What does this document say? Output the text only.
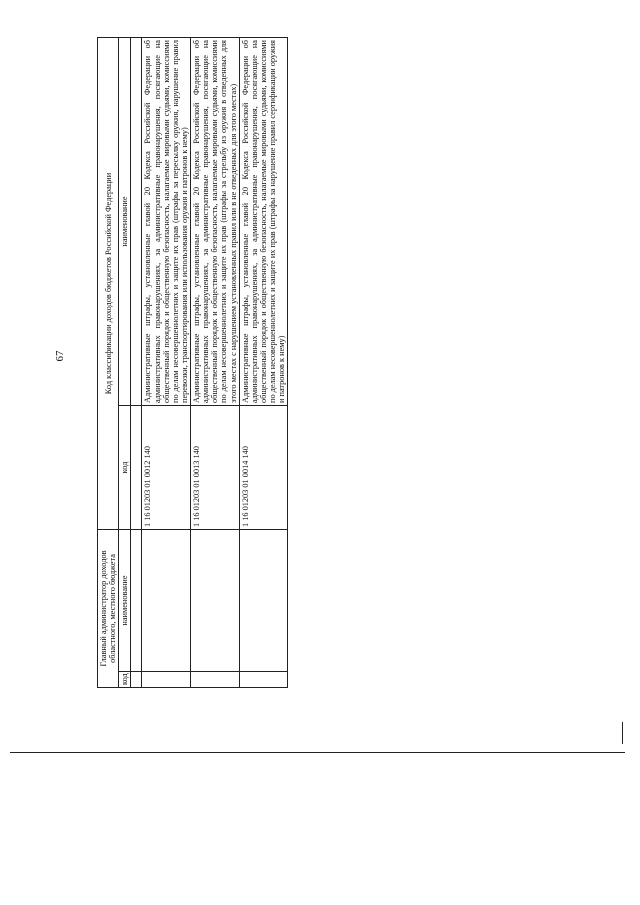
67
Главный администратор доходов областного, местного бюджета		Код классификации доходов бюджетов Российской Федерации	
код	наименование	код	наименование

		1 16 01203 01 0012 140	Административные штрафы, установленные главой 20 Кодекса Российской Федерации об административных правонарушениях, за административные правонарушения, посягающие на общественный порядок и общественную безопасность, налагаемые мировыми судьями, комиссиями по делам несовершеннолетних и защите их прав (штрафы за пересылку оружия, нарушение правил перевозки, транспортирования или использования оружия и патронов к нему)
		1 16 01203 01 0013 140	Административные штрафы, установленные главой 20 Кодекса Российской Федерации об административных правонарушениях, за административные правонарушения, посягающие на общественный порядок и общественную безопасность, налагаемые мировыми судьями, комиссиями по делам несовершеннолетних и защите их прав (штрафы за стрельбу из оружия в отведенных для этого местах с нарушением установленных правил или в не отведенных для этого местах)
		1 16 01203 01 0014 140	Административные штрафы, установленные главой 20 Кодекса Российской Федерации об административных правонарушениях, за административные правонарушения, посягающие на общественный порядок и общественную безопасность, налагаемые мировыми судьями, комиссиями по делам несовершеннолетних и защите их прав (штрафы за нарушение правил сертификации оружия и патронов к нему)
